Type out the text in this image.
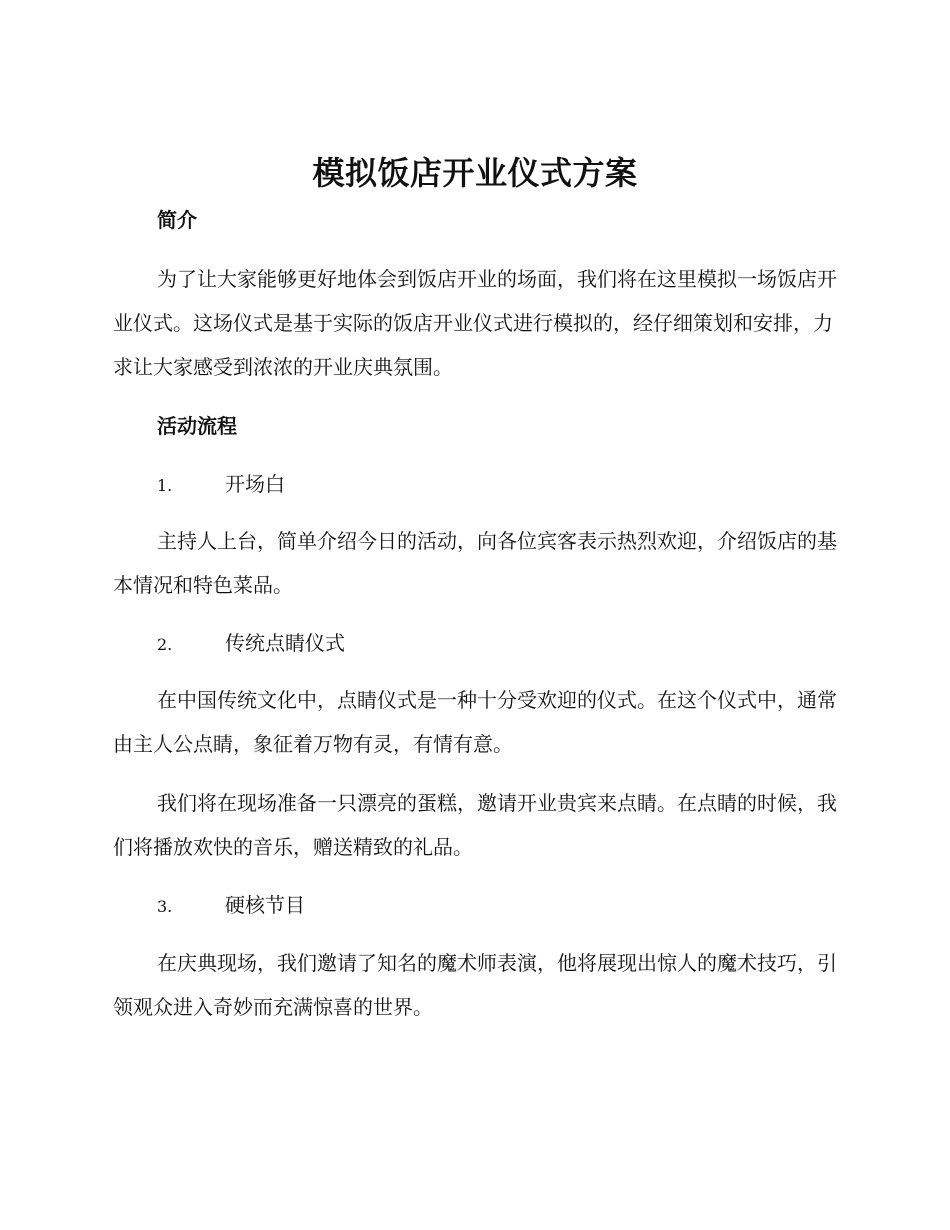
模拟饭店开业仪式方案
简介

为了让大家能够更好地体会到饭店开业的场面，我们将在这里模拟一场饭店开业仪式。这场仪式是基于实际的饭店开业仪式进行模拟的，经仔细策划和安排，力求让大家感受到浓浓的开业庆典氛围。

活动流程
1.	开场白

主持人上台，简单介绍今日的活动，向各位宾客表示热烈欢迎，介绍饭店的基本情况和特色菜品。

2.	传统点睛仪式

在中国传统文化中，点睛仪式是一种十分受欢迎的仪式。在这个仪式中，通常由主人公点睛，象征着万物有灵，有情有意。

我们将在现场准备一只漂亮的蛋糕，邀请开业贵宾来点睛。在点睛的时候，我们将播放欢快的音乐，赠送精致的礼品。

3.	硬核节目

在庆典现场，我们邀请了知名的魔术师表演，他将展现出惊人的魔术技巧，引领观众进入奇妙而充满惊喜的世界。
